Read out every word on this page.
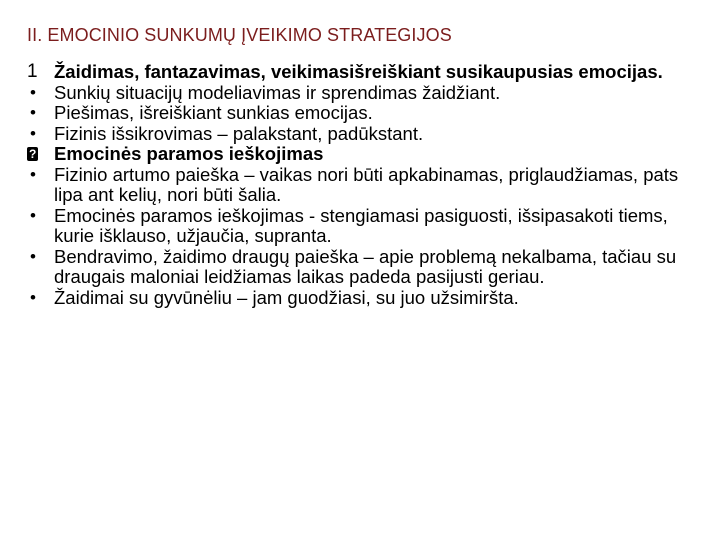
II. EMOCINIO SUNKUMŲ ĮVEIKIMO STRATEGIJOS
1 Žaidimas, fantazavimas, veikimasišreiškiant susikaupusias emocijas.
• Sunkių situacijų modeliavimas ir sprendimas žaidžiant.
• Piešimas, išreiškiant sunkias emocijas.
• Fizinis išsikrovimas – palakstant, padūkstant.
?
Emocinės paramos ieškojimas
• Fizinio artumo paieška – vaikas nori būti apkabinamas, priglaudžiamas, pats lipa ant kelių, nori būti šalia.
• Emocinės paramos ieškojimas - stengiamasi pasiguosti, išsipasakoti tiems, kurie išklauso, užjaučia, supranta.
• Bendravimo, žaidimo draugų paieška – apie problemą nekalbama, tačiau su draugais maloniai leidžiamas laikas padeda pasijusti geriau.
• Žaidimai su gyvūnėliu – jam guodžiasi, su juo užsimiršta.
